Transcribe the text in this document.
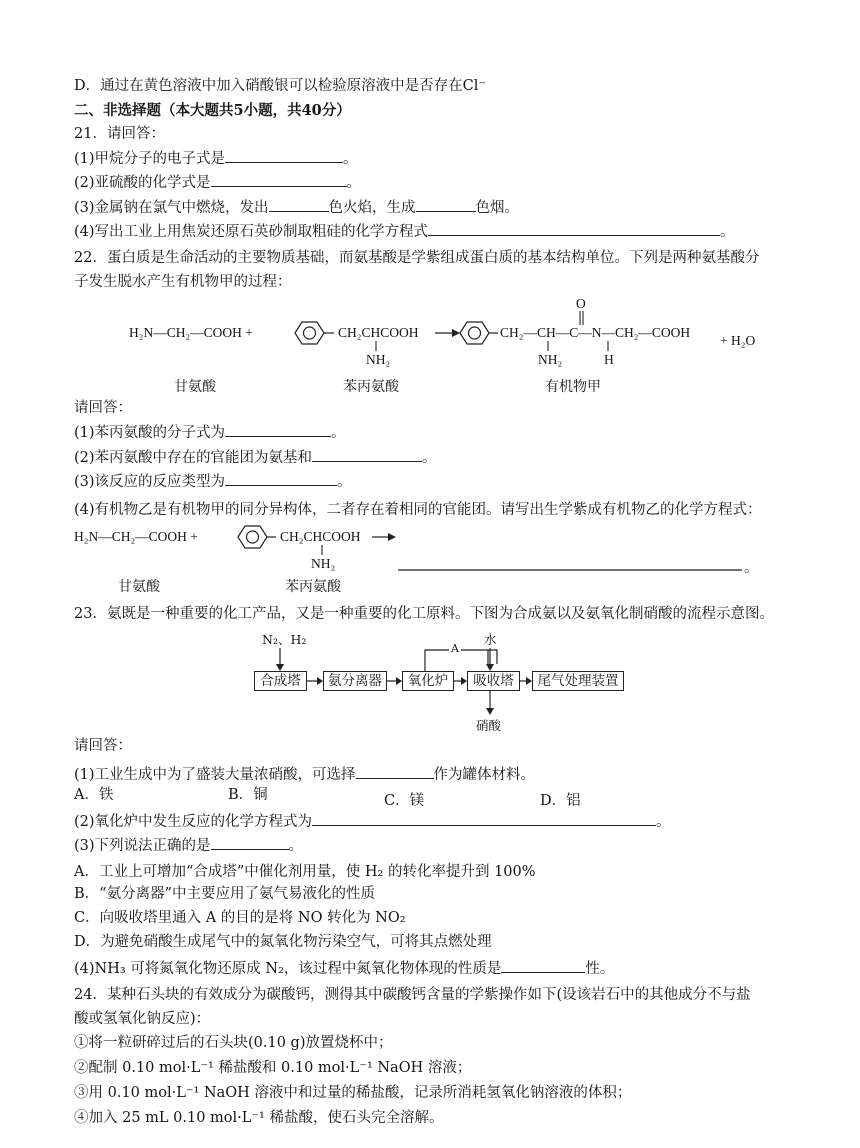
D．通过在黄色溶液中加入硝酸银可以检验原溶液中是否存在Cl⁻
二、非选择题（本大题共5小题，共40分）
21．请回答：
(1)甲烷分子的电子式是	。
(2)亚硫酸的化学式是	。
(3)金属钠在氯气中燃烧，发出	色火焰，生成	色烟。
(4)写出工业上用焦炭还原石英砂制取粗硅的化学方程式	。
22．蛋白质是生命活动的主要物质基础，而氨基酸是学紫组成蛋白质的基本结构单位。下列是两种氨基酸分
子发生脱水产生有机物甲的过程：
H₂N—CH₂—COOH +	CH₂CHCOOH
NH₂
CH₂—CH—C—N—CH₂—COOH
O
NH₂	H
+ H₂O
甘氨酸	苯丙氨酸	有机物甲
请回答：
(1)苯丙氨酸的分子式为	。
(2)苯丙氨酸中存在的官能团为氨基和	。
(3)该反应的反应类型为	。
(4)有机物乙是有机物甲的同分异构体，二者存在着相同的官能团。请写出生学紫成有机物乙的化学方程式：
H₂N—CH₂—COOH +	CH₂CHCOOH
NH₂	。
甘氨酸	苯丙氨酸
23．氨既是一种重要的化工产品，又是一种重要的化工原料。下图为合成氨以及氨氧化制硝酸的流程示意图。
N₂、H₂	水
A
合成塔	氨分离器	氧化炉	吸收塔	尾气处理装置
硝酸
请回答：
(1)工业生成中为了盛装大量浓硝酸，可选择	作为罐体材料。
A．铁	B．铜	C．镁	D．铝
(2)氧化炉中发生反应的化学方程式为	。
(3)下列说法正确的是	。
A．工业上可增加“合成塔”中催化剂用量，使 H₂ 的转化率提升到 100%
B．“氨分离器”中主要应用了氨气易液化的性质
C．向吸收塔里通入 A 的目的是将 NO 转化为 NO₂
D．为避免硝酸生成尾气中的氮氧化物污染空气，可将其点燃处理
(4)NH₃ 可将氮氧化物还原成 N₂，该过程中氮氧化物体现的性质是	性。
24．某种石头块的有效成分为碳酸钙，测得其中碳酸钙含量的学紫操作如下(设该岩石中的其他成分不与盐
酸或氢氧化钠反应)：
①将一粒研碎过后的石头块(0.10 g)放置烧杯中；
②配制 0.10 mol·L⁻¹ 稀盐酸和 0.10 mol·L⁻¹ NaOH 溶液；
③用 0.10 mol·L⁻¹ NaOH 溶液中和过量的稀盐酸，记录所消耗氢氧化钠溶液的体积；
④加入 25 mL 0.10 mol·L⁻¹ 稀盐酸，使石头完全溶解。
